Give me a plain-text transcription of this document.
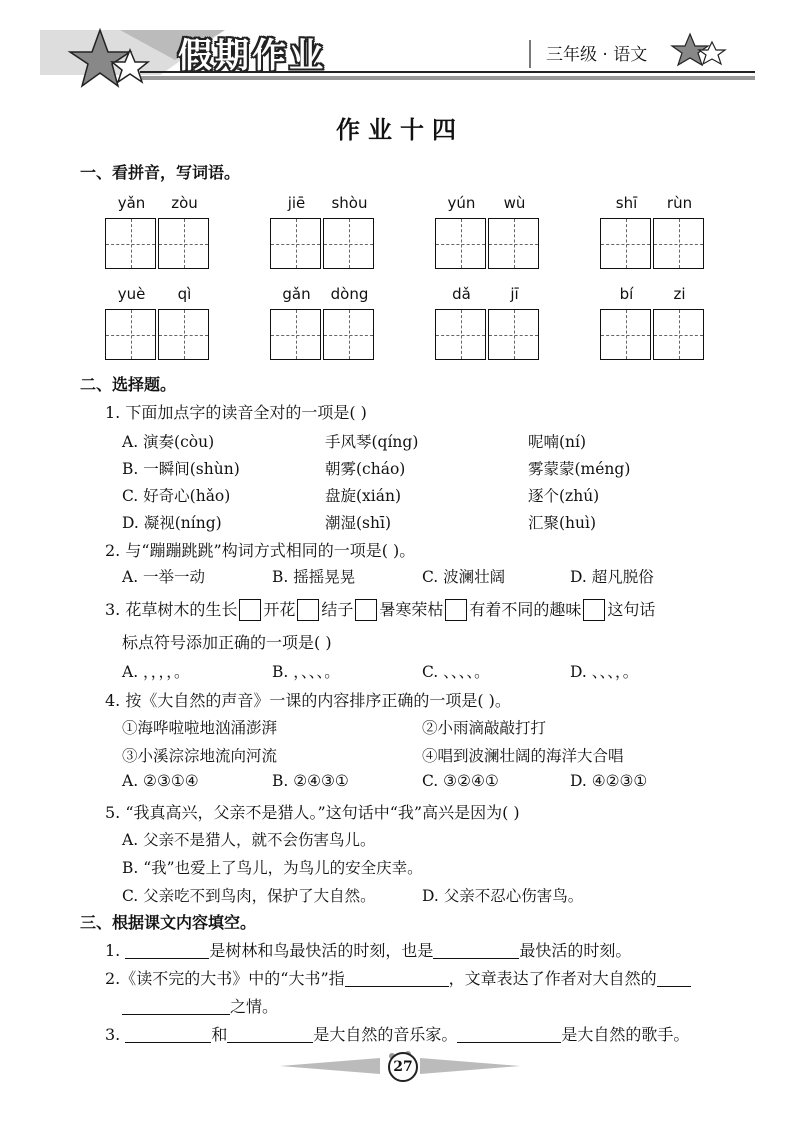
假期作业	三年级 · 语文
作业十四
一、看拼音，写词语。
yǎn	zòu	jiē	shòu	yún	wù	shī	rùn
yuè	qì	gǎn	dòng	dǎ	jī	bí	zi
二、选择题。
1. 下面加点字的读音全对的一项是( )
A. 演奏(còu)	手风琴(qíng)	呢喃(ní)
B. 一瞬间(shùn)	朝雾(cháo)	雾蒙蒙(méng)
C. 好奇心(hǎo)	盘旋(xián)	逐个(zhú)
D. 凝视(níng)	潮湿(shī)	汇聚(huì)
2. 与“蹦蹦跳跳”构词方式相同的一项是( )。
A. 一举一动	B. 摇摇晃晃	C. 波澜壮阔	D. 超凡脱俗
3. 花草树木的生长 开花 结子 暑寒荣枯 有着不同的趣味 这句话
标点符号添加正确的一项是( )
A. ，，，，。	B. ，、、、。	C. 、、、、。	D. 、、、，。
4. 按《大自然的声音》一课的内容排序正确的一项是( )。
①海哗啦啦地汹涌澎湃	②小雨滴敲敲打打
③小溪淙淙地流向河流	④唱到波澜壮阔的海洋大合唱
A. ②③①④	B. ②④③①	C. ③②④①	D. ④②③①
5. “我真高兴，父亲不是猎人。”这句话中“我”高兴是因为( )
A. 父亲不是猎人，就不会伤害鸟儿。
B. “我”也爱上了鸟儿，为鸟儿的安全庆幸。
C. 父亲吃不到鸟肉，保护了大自然。	D. 父亲不忍心伤害鸟。
三、根据课文内容填空。
1.	是树林和鸟最快活的时刻，也是	最快活的时刻。
2.《读不完的大书》中的“大书”指	，文章表达了作者对大自然的
之情。
3.	和	是大自然的音乐家。	是大自然的歌手。
27
